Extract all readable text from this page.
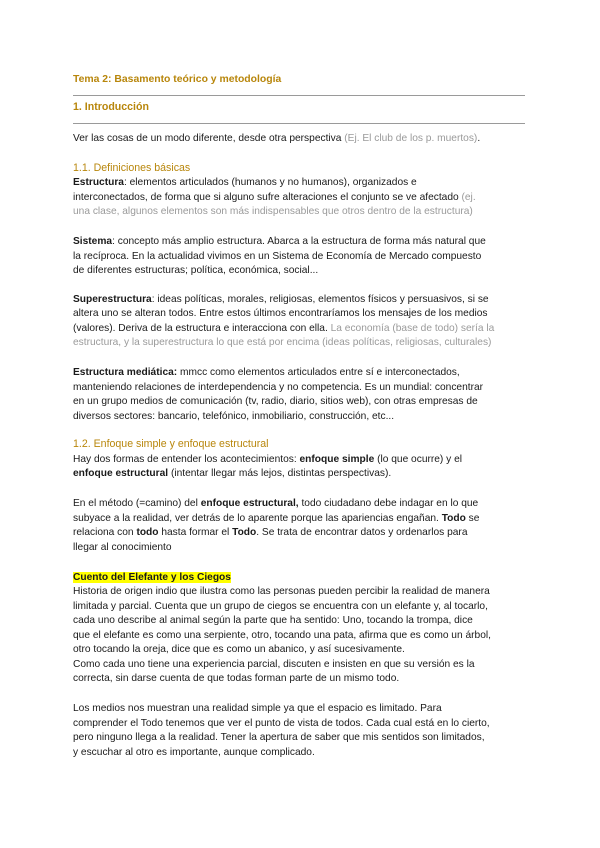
Tema 2: Basamento teórico y metodología
1. Introducción
Ver las cosas de un modo diferente, desde otra perspectiva (Ej. El club de los p. muertos).
1.1. Definiciones básicas
Estructura: elementos articulados (humanos y no humanos), organizados e
interconectados, de forma que si alguno sufre alteraciones el conjunto se ve afectado (ej.
una clase, algunos elementos son más indispensables que otros dentro de la estructura)
Sistema: concepto más amplio estructura. Abarca a la estructura de forma más natural que
la recíproca. En la actualidad vivimos en un Sistema de Economía de Mercado compuesto
de diferentes estructuras; política, económica, social...
Superestructura: ideas políticas, morales, religiosas, elementos físicos y persuasivos, si se
altera uno se alteran todos. Entre estos últimos encontraríamos los mensajes de los medios
(valores). Deriva de la estructura e interacciona con ella. La economía (base de todo) sería la
estructura, y la superestructura lo que está por encima (ideas políticas, religiosas, culturales)
Estructura mediática: mmcc como elementos articulados entre sí e interconectados,
manteniendo relaciones de interdependencia y no competencia. Es un mundial: concentrar
en un grupo medios de comunicación (tv, radio, diario, sitios web), con otras empresas de
diversos sectores: bancario, telefónico, inmobiliario, construcción, etc...
1.2. Enfoque simple y enfoque estructural
Hay dos formas de entender los acontecimientos: enfoque simple (lo que ocurre) y el
enfoque estructural (intentar llegar más lejos, distintas perspectivas).
En el método (=camino) del enfoque estructural, todo ciudadano debe indagar en lo que
subyace a la realidad, ver detrás de lo aparente porque las apariencias engañan. Todo se
relaciona con todo hasta formar el Todo. Se trata de encontrar datos y ordenarlos para
llegar al conocimiento
Cuento del Elefante y los Ciegos
Historia de origen indio que ilustra como las personas pueden percibir la realidad de manera
limitada y parcial. Cuenta que un grupo de ciegos se encuentra con un elefante y, al tocarlo,
cada uno describe al animal según la parte que ha sentido: Uno, tocando la trompa, dice
que el elefante es como una serpiente, otro, tocando una pata, afirma que es como un árbol,
otro tocando la oreja, dice que es como un abanico, y así sucesivamente.
Como cada uno tiene una experiencia parcial, discuten e insisten en que su versión es la
correcta, sin darse cuenta de que todas forman parte de un mismo todo.
Los medios nos muestran una realidad simple ya que el espacio es limitado. Para
comprender el Todo tenemos que ver el punto de vista de todos. Cada cual está en lo cierto,
pero ninguno llega a la realidad. Tener la apertura de saber que mis sentidos son limitados,
y escuchar al otro es importante, aunque complicado.
